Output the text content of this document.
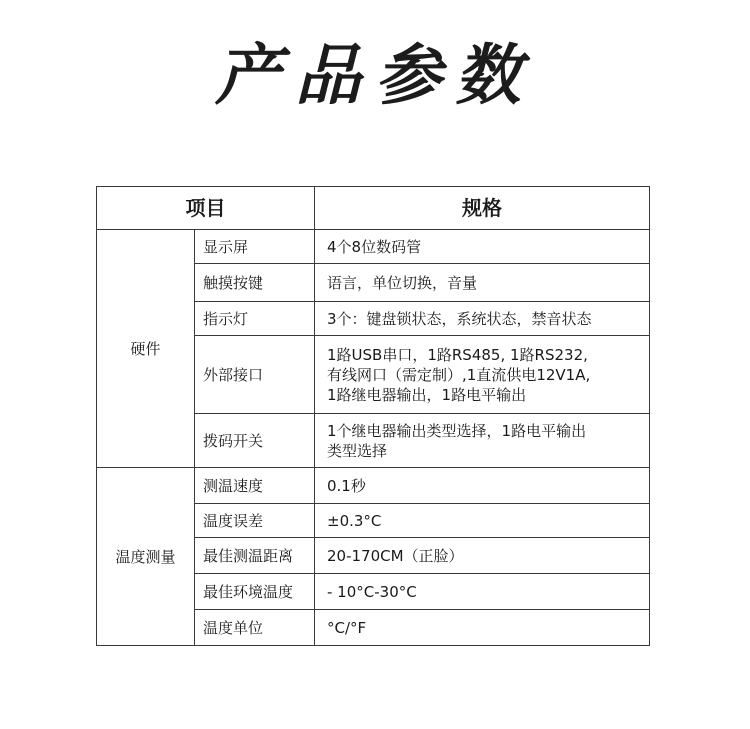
产品参数
项目		规格
硬件	显示屏	4个8位数码管

	触摸按键	语言，单位切换，音量

	指示灯	3个：键盘锁状态，系统状态，禁音状态

	外部接口	1路USB串口，1路RS485, 1路RS232,
有线网口（需定制）,1直流供电12V1A,
1路继电器输出，1路电平输出

	拨码开关	1个继电器输出类型选择，1路电平输出
类型选择

温度测量	测温速度	0.1秒

	温度误差	±0.3°C

	最佳测温距离	20-170CM（正脸）

	最佳环境温度	- 10°C-30°C

	温度单位	°C/°F
